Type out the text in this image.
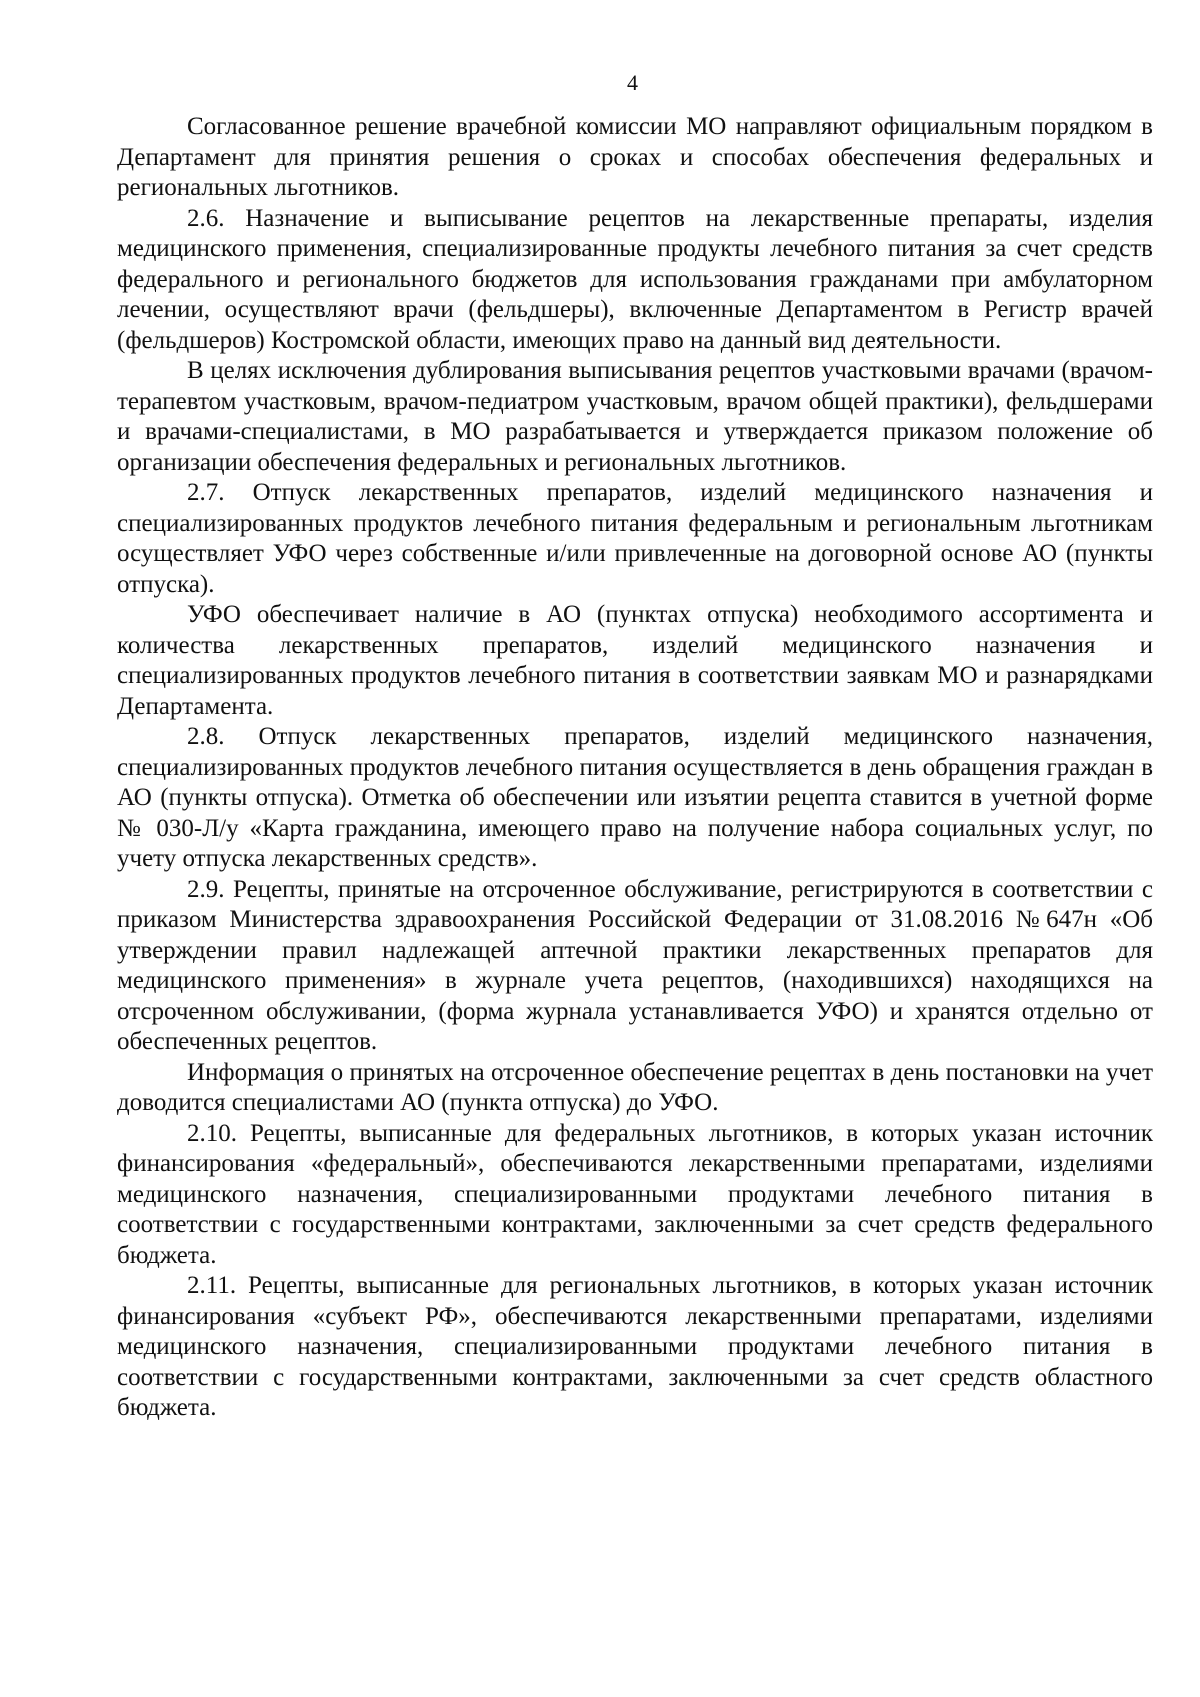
4

Согласованное решение врачебной комиссии МО направляют официальным порядком в Департамент для принятия решения о сроках и способах обеспечения федеральных и региональных льготников.

2.6. Назначение и выписывание рецептов на лекарственные препараты, изделия медицинского применения, специализированные продукты лечебного питания за счет средств федерального и регионального бюджетов для использования гражданами при амбулаторном лечении, осуществляют врачи (фельдшеры), включенные Департаментом в Регистр врачей (фельдшеров) Костромской области, имеющих право на данный вид деятельности.

В целях исключения дублирования выписывания рецептов участковыми врачами (врачом-терапевтом участковым, врачом-педиатром участковым, врачом общей практики), фельдшерами и врачами-специалистами, в МО разрабатывается и утверждается приказом положение об организации обеспечения федеральных и региональных льготников.

2.7. Отпуск лекарственных препаратов, изделий медицинского назначения и специализированных продуктов лечебного питания федеральным и региональным льготникам осуществляет УФО через собственные и/или привлеченные на договорной основе АО (пункты отпуска).

УФО обеспечивает наличие в АО (пунктах отпуска) необходимого ассортимента и количества лекарственных препаратов, изделий медицинского назначения и специализированных продуктов лечебного питания в соответствии заявкам МО и разнарядками Департамента.

2.8. Отпуск лекарственных препаратов, изделий медицинского назначения, специализированных продуктов лечебного питания осуществляется в день обращения граждан в АО (пункты отпуска). Отметка об обеспечении или изъятии рецепта ставится в учетной форме № 030-Л/у «Карта гражданина, имеющего право на получение набора социальных услуг, по учету отпуска лекарственных средств».

2.9. Рецепты, принятые на отсроченное обслуживание, регистрируются в соответствии с приказом Министерства здравоохранения Российской Федерации от 31.08.2016 №647н «Об утверждении правил надлежащей аптечной практики лекарственных препаратов для медицинского применения» в журнале учета рецептов, (находившихся) находящихся на отсроченном обслуживании, (форма журнала устанавливается УФО) и хранятся отдельно от обеспеченных рецептов.

Информация о принятых на отсроченное обеспечение рецептах в день постановки на учет доводится специалистами АО (пункта отпуска) до УФО.

2.10. Рецепты, выписанные для федеральных льготников, в которых указан источник финансирования «федеральный», обеспечиваются лекарственными препаратами, изделиями медицинского назначения, специализированными продуктами лечебного питания в соответствии с государственными контрактами, заключенными за счет средств федерального бюджета.

2.11. Рецепты, выписанные для региональных льготников, в которых указан источник финансирования «субъект РФ», обеспечиваются лекарственными препаратами, изделиями медицинского назначения, специализированными продуктами лечебного питания в соответствии с государственными контрактами, заключенными за счет средств областного бюджета.
